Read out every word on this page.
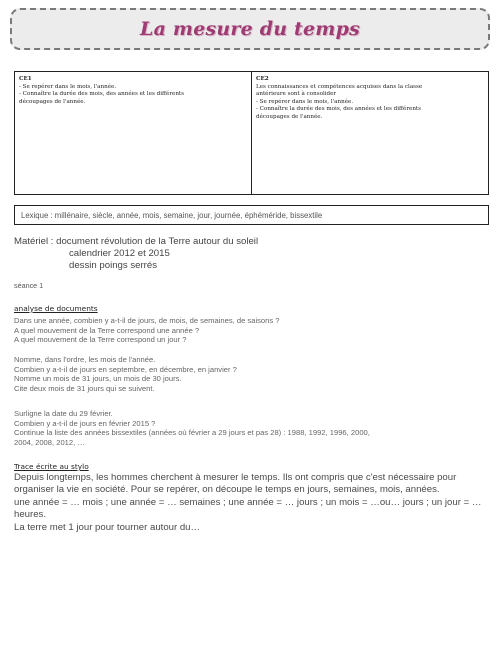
La mesure du temps
CE1
- Se repérer dans le mois, l'année.
- Connaître la durée des mois, des années et les différents
découpages de l'année.
CE2
Les connaissances et compétences acquises dans la classe
antérieure sont à consolider
- Se repérer dans le mois, l'année.
- Connaître la durée des mois, des années et les différents
découpages de l'année.
Lexique : millénaire, siècle, année, mois, semaine, jour, journée, éphéméride, bissextile
Matériel : document révolution de la Terre autour du soleil
calendrier 2012 et 2015
dessin poings serrés
séance 1
analyse de documents
Dans une année, combien y a-t-il de jours, de mois, de semaines, de saisons ?
A quel mouvement de la Terre correspond une année ?
A quel mouvement de la Terre correspond un jour ?
Nomme, dans l'ordre, les mois de l'année.
Combien y a-t-il de jours en septembre, en décembre, en janvier ?
Nomme un mois de 31 jours, un mois de 30 jours.
Cite deux mois de 31 jours qui se suivent.
Surligne la date du 29 février.
Combien y a-t-il de jours en février 2015 ?
Continue la liste des années bissextiles (années où février a 29 jours et pas 28) : 1988, 1992, 1996, 2000,
2004, 2008, 2012, …
Trace écrite au stylo
Depuis longtemps, les hommes cherchent à mesurer le temps. Ils ont compris que c'est nécessaire pour organiser la vie en société. Pour se repérer, on découpe le temps en jours, semaines, mois, années.
une année = … mois ; une année = … semaines ; une année = … jours ; un mois = …ou… jours ; un jour = … heures.
La terre met 1 jour pour tourner autour du…
